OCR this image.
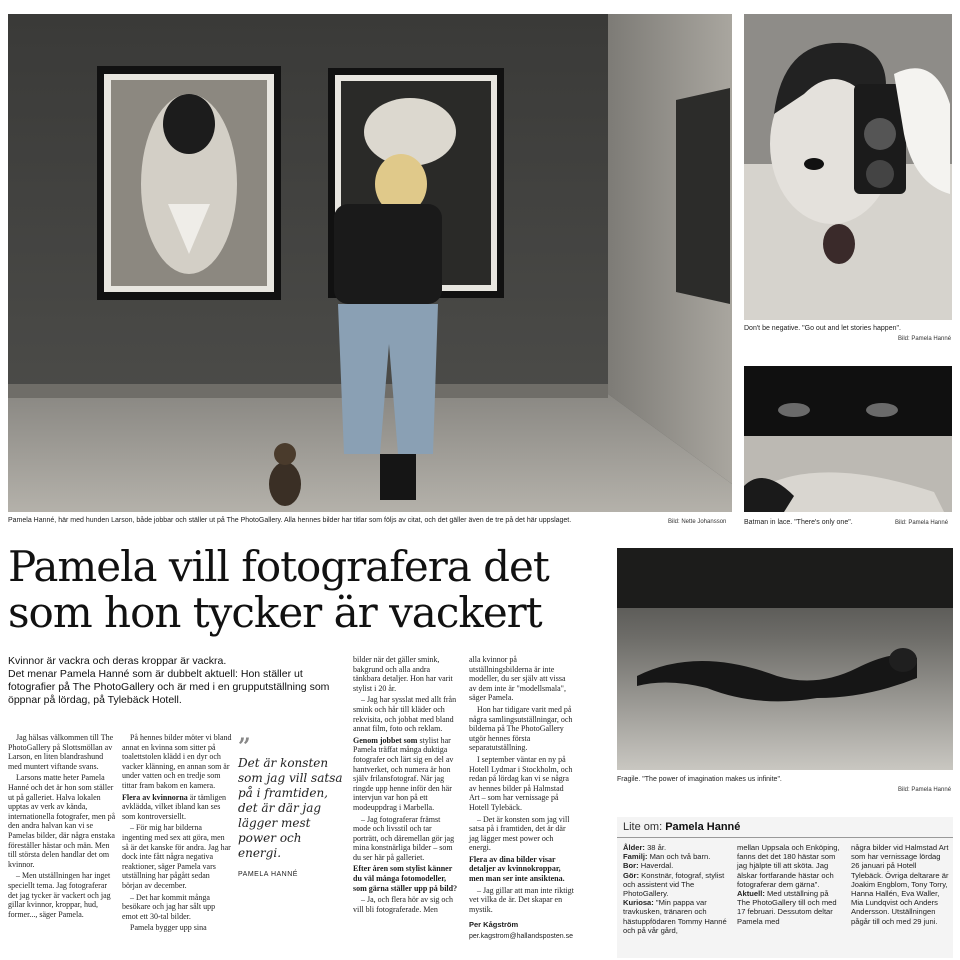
Pamela Hanné, här med hunden Larson, både jobbar och ställer ut på The PhotoGallery. Alla hennes bilder har titlar som följs av citat, och det gäller även de tre på det här uppslaget.	Bild: Nette Johansson
Don't be negative. "Go out and let stories happen".
Bild: Pamela Hanné
Batman in lace. "There's only one".	Bild: Pamela Hanné
Fragile. "The power of imagination makes us infinite".
Bild: Pamela Hanné
Pamela vill fotografera det som hon tycker är vackert

Kvinnor är vackra och deras kroppar är vackra.

Det menar Pamela Hanné som är dubbelt aktuell: Hon ställer ut fotografier på The PhotoGallery och är med i en grupputställning som öppnar på lördag, på Tylebäck Hotell.

Jag hälsas välkommen till The PhotoGallery på Slottsmöllan av Larson, en liten blandrashund med muntert viftande svans.

Larsons matte heter Pamela Hanné och det är hon som ställer ut på galleriet. Halva lokalen upptas av verk av kända, internationella fotografer, men på den andra halvan kan vi se Pamelas bilder, där några enstaka föreställer hästar och män. Men till största delen handlar det om kvinnor.

– Men utställningen har inget speciellt tema. Jag fotograferar det jag tycker är vackert och jag gillar kvinnor, kroppar, hud, former..., säger Pamela.

På hennes bilder möter vi bland annat en kvinna som sitter på toalettstolen klädd i en dyr och vacker klänning, en annan som är under vatten och en tredje som tittar fram bakom en kamera.

Flera av kvinnorna är tämligen avklädda, vilket ibland kan ses som kontroversiellt.

– För mig har bilderna ingenting med sex att göra, men så är det kanske för andra. Jag har dock inte fått några negativa reaktioner, säger Pamela vars utställning har pågått sedan början av december.

– Det har kommit många besökare och jag har sålt upp emot ett 30-tal bilder.

Pamela bygger upp sina

”
Det är konsten som jag vill satsa på i framtiden, det är där jag lägger mest power och energi.
PAMELA HANNÉ

bilder när det gäller smink, bakgrund och alla andra tänkbara detaljer. Hon har varit stylist i 20 år.

– Jag har sysslat med allt från smink och hår till kläder och rekvisita, och jobbat med bland annat film, foto och reklam.

Genom jobbet som stylist har Pamela träffat många duktiga fotografer och lärt sig en del av hantverket, och numera är hon själv frilansfotograf. När jag ringde upp henne inför den här intervjun var hon på ett modeuppdrag i Marbella.

– Jag fotograferar främst mode och livsstil och tar porträtt, och däremellan gör jag mina konstnärliga bilder – som du ser här på galleriet.

Efter åren som stylist känner du väl många fotomodeller, som gärna ställer upp på bild?

– Ja, och flera hör av sig och vill bli fotograferade. Men

alla kvinnor på utställningsbilderna är inte modeller, du ser själv att vissa av dem inte är "modellsmala", säger Pamela.

Hon har tidigare varit med på några samlingsutställningar, och bilderna på The PhotoGallery utgör hennes första separatutställning.

I september väntar en ny på Hotell Lydmar i Stockholm, och redan på lördag kan vi se några av hennes bilder på Halmstad Art – som har vernissage på Hotell Tylebäck.

– Det är konsten som jag vill satsa på i framtiden, det är där jag lägger mest power och energi.

Flera av dina bilder visar detaljer av kvinnokroppar, men man ser inte ansiktena.

– Jag gillar att man inte riktigt vet vilka de är. Det skapar en mystik.

Per Kågström

per.kagstrom@hallandsposten.se

Lite om: Pamela Hanné
Ålder: 38 år.
Familj: Man och två barn.
Bor: Haverdal.
Gör: Konstnär, fotograf, stylist och assistent vid The PhotoGallery.
Kuriosa: "Min pappa var travkusken, tränaren och hästuppfödaren Tommy Hanné och på vår gård,
mellan Uppsala och Enköping, fanns det det 180 hästar som jag hjälpte till att sköta. Jag älskar fortfarande hästar och fotograferar dem gärna".
Aktuell: Med utställning på The PhotoGallery till och med 17 februari. Dessutom deltar Pamela med
några bilder vid Halmstad Art som har vernissage lördag 26 januari på Hotell Tylebäck. Övriga deltarare är Joakim Engblom, Tony Torry, Hanna Hallén, Eva Waller, Mia Lundqvist och Anders Andersson. Utställningen pågår till och med 29 juni.
